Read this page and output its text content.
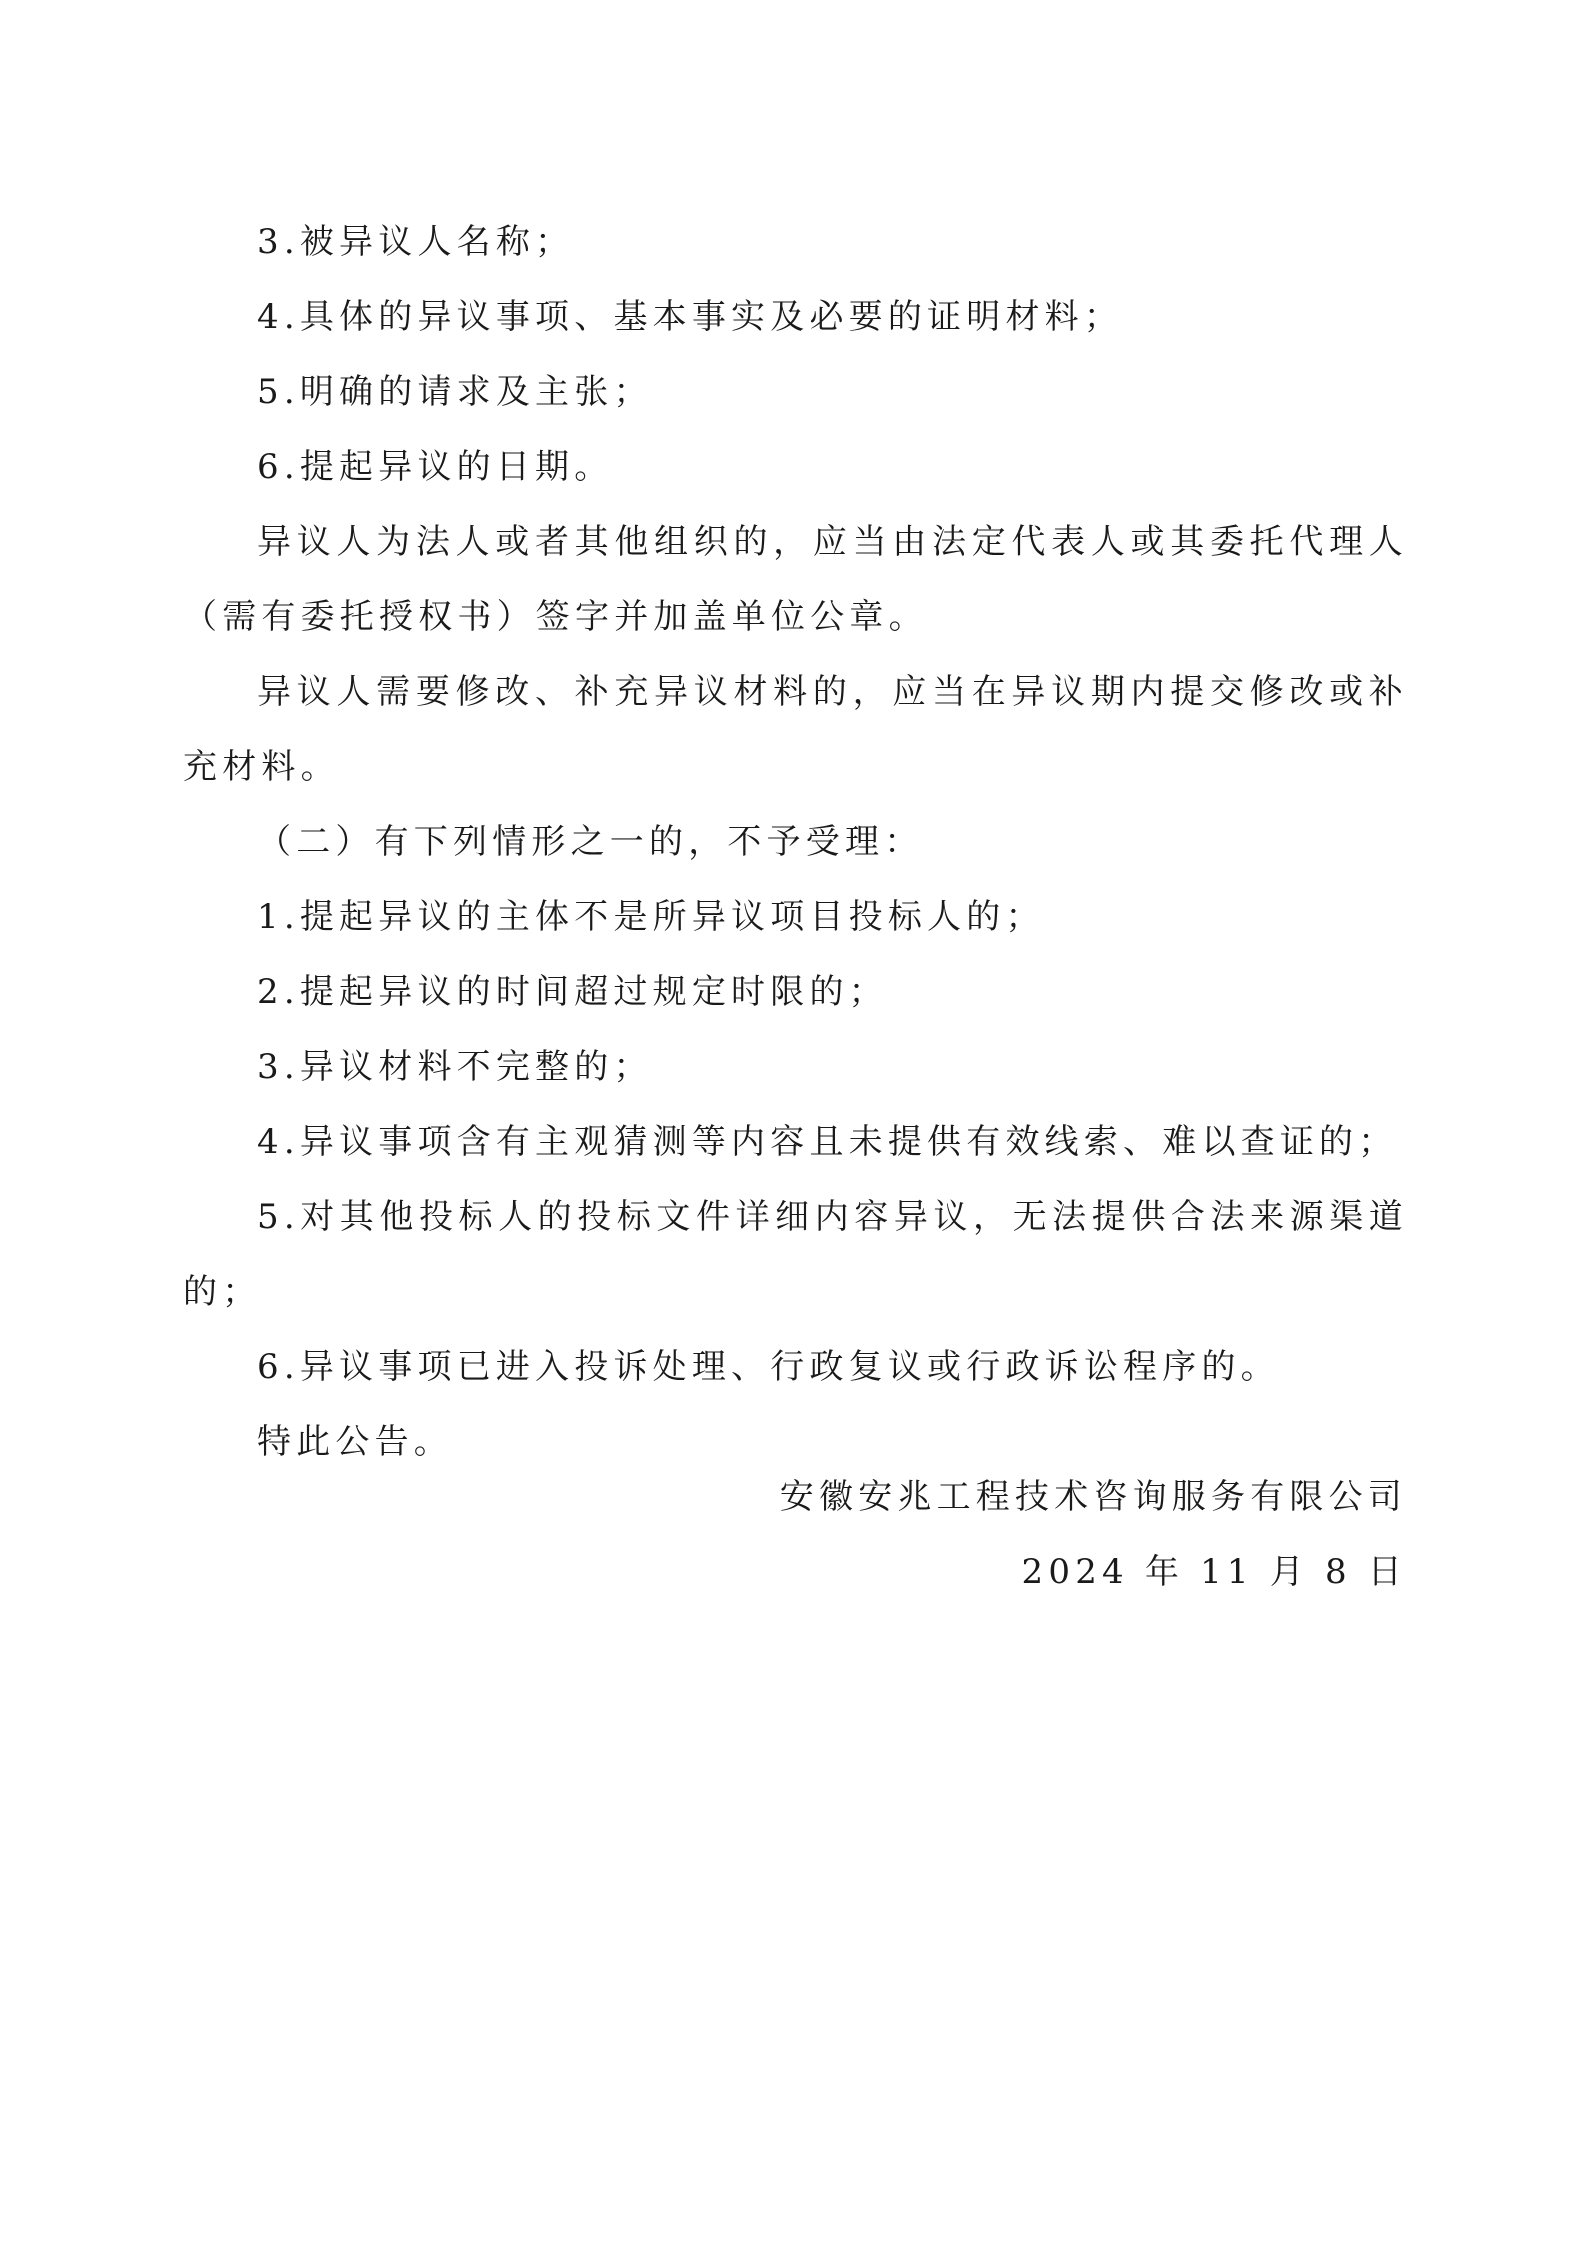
3.被异议人名称；

4.具体的异议事项、基本事实及必要的证明材料；

5.明确的请求及主张；

6.提起异议的日期。

异议人为法人或者其他组织的，应当由法定代表人或其委托代理人（需有委托授权书）签字并加盖单位公章。

异议人需要修改、补充异议材料的，应当在异议期内提交修改或补充材料。

（二）有下列情形之一的，不予受理：

1.提起异议的主体不是所异议项目投标人的；

2.提起异议的时间超过规定时限的；

3.异议材料不完整的；

4.异议事项含有主观猜测等内容且未提供有效线索、难以查证的；

5.对其他投标人的投标文件详细内容异议，无法提供合法来源渠道的；

6.异议事项已进入投诉处理、行政复议或行政诉讼程序的。

特此公告。

安徽安兆工程技术咨询服务有限公司

2024 年 11 月 8 日
